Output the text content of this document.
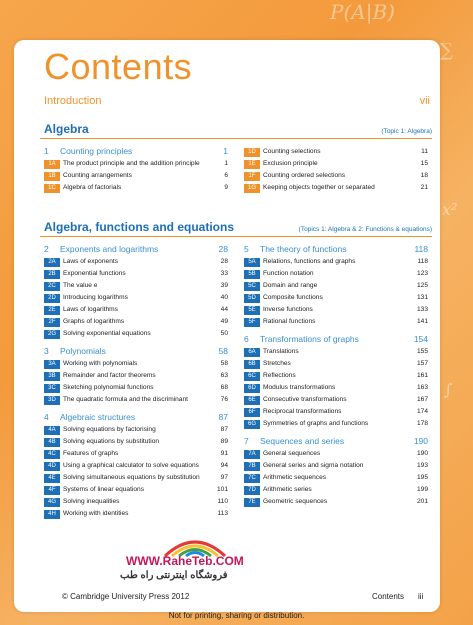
P(A|B)
∑
x²
∫
Contents
Introduction	vii
Algebra	(Topic 1: Algebra)
1 Counting principles	1
1A	The product principle and the addition principle	1
1B	Counting arrangements	6
1C	Algebra of factorials	9
1D	Counting selections	11
1E	Exclusion principle	15
1F	Counting ordered selections	18
1G	Keeping objects together or separated	21
Algebra, functions and equations	(Topics 1: Algebra & 2: Functions & equations)
2 Exponents and logarithms	28
2A	Laws of exponents	28
2B	Exponential functions	33
2C	The value e	39
2D	Introducing logarithms	40
2E	Laws of logarithms	44
2F	Graphs of logarithms	49
2G	Solving exponential equations	50
3 Polynomials	58
3A	Working with polynomials	58
3B	Remainder and factor theorems	63
3C	Sketching polynomial functions	68
3D	The quadratic formula and the discriminant	76
4 Algebraic structures	87
4A	Solving equations by factorising	87
4B	Solving equations by substitution	89
4C	Features of graphs	91
4D	Using a graphical calculator to solve equations	94
4E	Solving simultaneous equations by substitution	97
4F	Systems of linear equations	101
4G	Solving inequalities	110
4H	Working with identities	113
5 The theory of functions	118
5A	Relations, functions and graphs	118
5B	Function notation	123
5C	Domain and range	125
5D	Composite functions	131
5E	Inverse functions	133
5F	Rational functions	141
6 Transformations of graphs	154
6A	Translations	155
6B	Stretches	157
6C	Reflections	161
6D	Modulus transformations	163
6E	Consecutive transformations	167
6F	Reciprocal transformations	174
6G	Symmetries of graphs and functions	178
7 Sequences and series	190
7A	General sequences	190
7B	General series and sigma notation	193
7C	Arithmetic sequences	195
7D	Arithmetic series	199
7E	Geometric sequences	201
WWW.RaheTeb.COM
فروشگاه اینترنتی راه طب
© Cambridge University Press 2012	Contents iii
Not for printing, sharing or distribution.
